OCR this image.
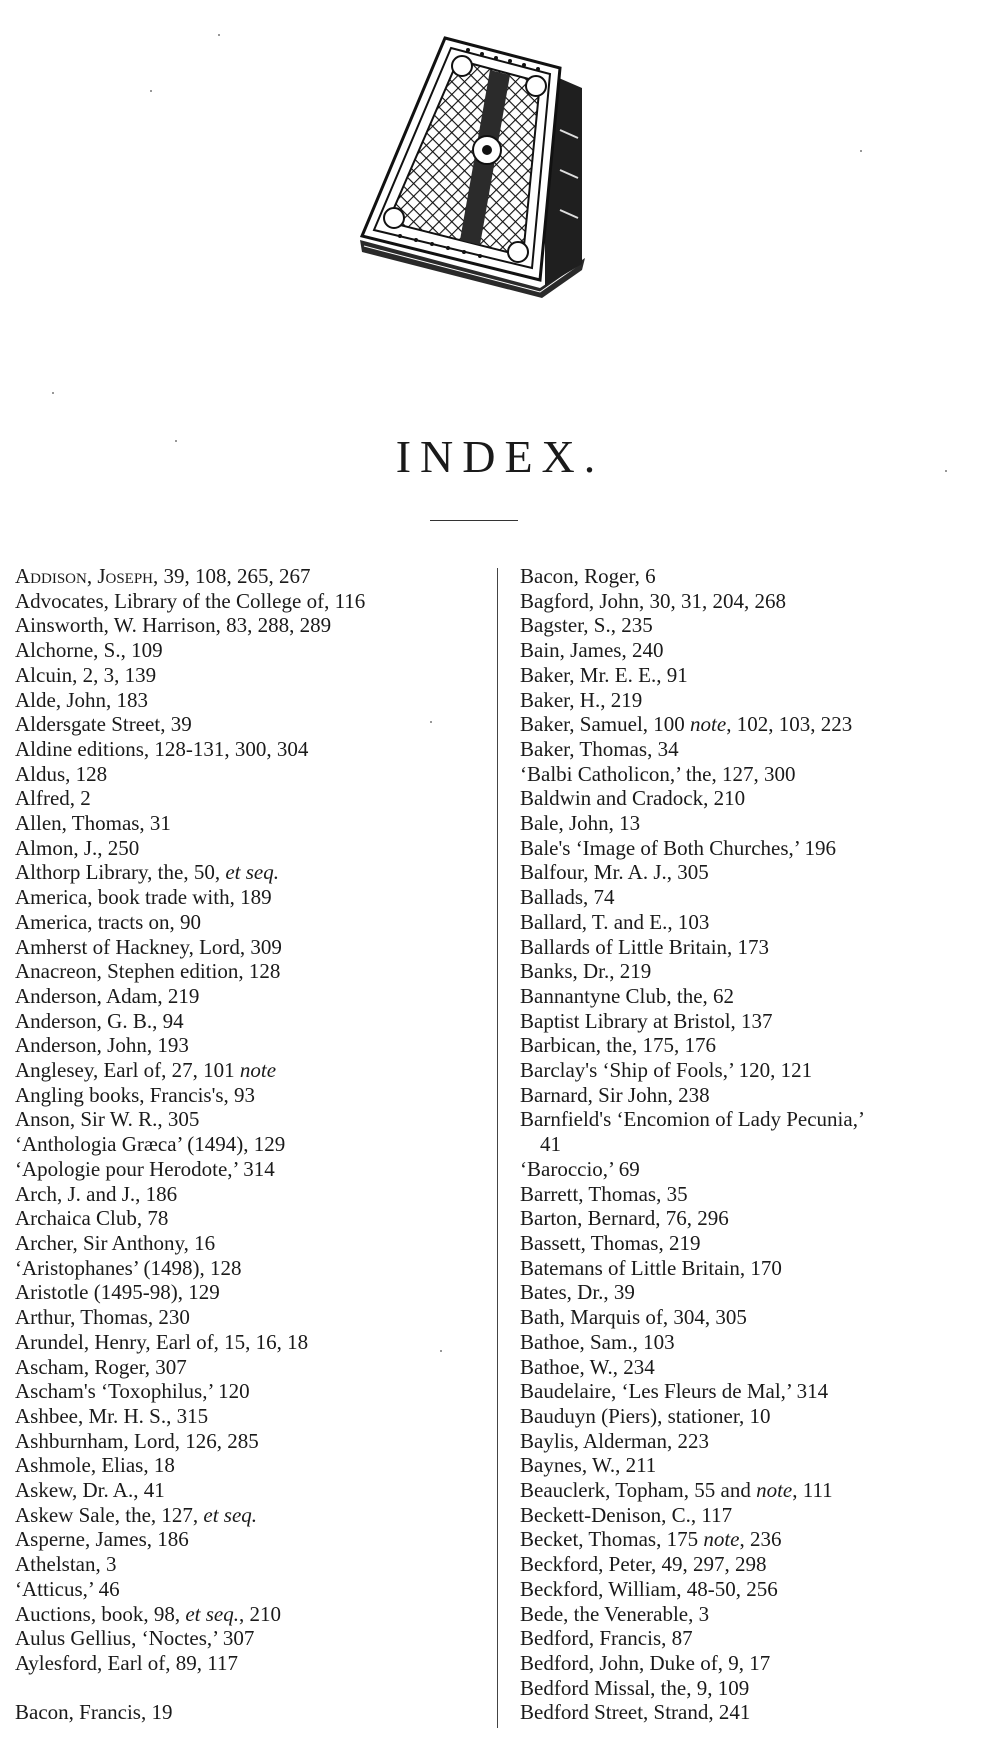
INDEX.
Addison, Joseph, 39, 108, 265, 267
Advocates, Library of the College of, 116
Ainsworth, W. Harrison, 83, 288, 289
Alchorne, S., 109
Alcuin, 2, 3, 139
Alde, John, 183
Aldersgate Street, 39
Aldine editions, 128-131, 300, 304
Aldus, 128
Alfred, 2
Allen, Thomas, 31
Almon, J., 250
Althorp Library, the, 50, et seq.
America, book trade with, 189
America, tracts on, 90
Amherst of Hackney, Lord, 309
Anacreon, Stephen edition, 128
Anderson, Adam, 219
Anderson, G. B., 94
Anderson, John, 193
Anglesey, Earl of, 27, 101 note
Angling books, Francis's, 93
Anson, Sir W. R., 305
‘Anthologia Græca’ (1494), 129
‘Apologie pour Herodote,’ 314
Arch, J. and J., 186
Archaica Club, 78
Archer, Sir Anthony, 16
‘Aristophanes’ (1498), 128
Aristotle (1495-98), 129
Arthur, Thomas, 230
Arundel, Henry, Earl of, 15, 16, 18
Ascham, Roger, 307
Ascham's ‘Toxophilus,’ 120
Ashbee, Mr. H. S., 315
Ashburnham, Lord, 126, 285
Ashmole, Elias, 18
Askew, Dr. A., 41
Askew Sale, the, 127, et seq.
Asperne, James, 186
Athelstan, 3
‘Atticus,’ 46
Auctions, book, 98, et seq., 210
Aulus Gellius, ‘Noctes,’ 307
Aylesford, Earl of, 89, 117
Bacon, Francis, 19
Bacon, Roger, 6
Bagford, John, 30, 31, 204, 268
Bagster, S., 235
Bain, James, 240
Baker, Mr. E. E., 91
Baker, H., 219
Baker, Samuel, 100 note, 102, 103, 223
Baker, Thomas, 34
‘Balbi Catholicon,’ the, 127, 300
Baldwin and Cradock, 210
Bale, John, 13
Bale's ‘Image of Both Churches,’ 196
Balfour, Mr. A. J., 305
Ballads, 74
Ballard, T. and E., 103
Ballards of Little Britain, 173
Banks, Dr., 219
Bannantyne Club, the, 62
Baptist Library at Bristol, 137
Barbican, the, 175, 176
Barclay's ‘Ship of Fools,’ 120, 121
Barnard, Sir John, 238
Barnfield's ‘Encomion of Lady Pecunia,’
41
‘Baroccio,’ 69
Barrett, Thomas, 35
Barton, Bernard, 76, 296
Bassett, Thomas, 219
Batemans of Little Britain, 170
Bates, Dr., 39
Bath, Marquis of, 304, 305
Bathoe, Sam., 103
Bathoe, W., 234
Baudelaire, ‘Les Fleurs de Mal,’ 314
Bauduyn (Piers), stationer, 10
Baylis, Alderman, 223
Baynes, W., 211
Beauclerk, Topham, 55 and note, 111
Beckett-Denison, C., 117
Becket, Thomas, 175 note, 236
Beckford, Peter, 49, 297, 298
Beckford, William, 48-50, 256
Bede, the Venerable, 3
Bedford, Francis, 87
Bedford, John, Duke of, 9, 17
Bedford Missal, the, 9, 109
Bedford Street, Strand, 241
